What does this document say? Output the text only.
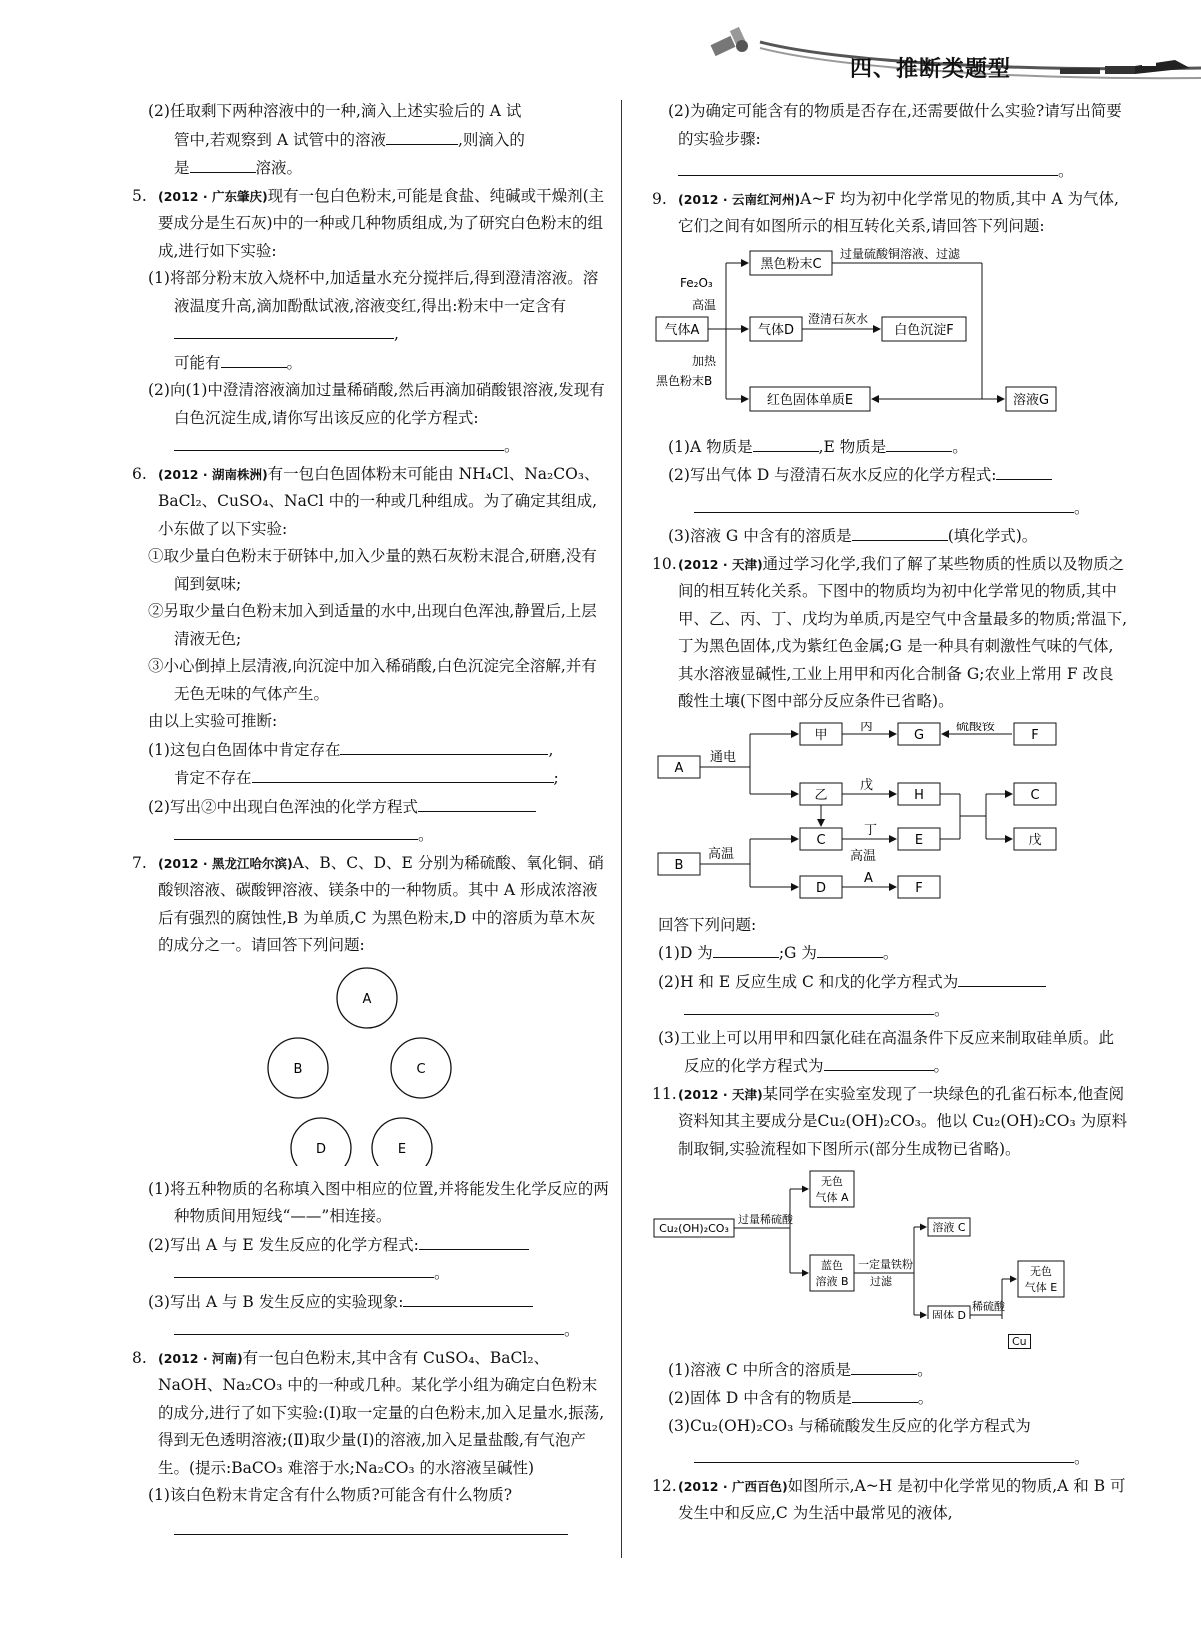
四、推断类题型

(2)任取剩下两种溶液中的一种,滴入上述实验后的 A 试

管中,若观察到 A 试管中的溶液	,则滴入的

是	溶液。

5. (2012 · 广东肇庆)现有一包白色粉末,可能是食盐、纯碱或干燥剂(主要成分是生石灰)中的一种或几种物质组成,为了研究白色粉末的组成,进行如下实验:

(1)将部分粉末放入烧杯中,加适量水充分搅拌后,得到澄清溶液。溶液温度升高,滴加酚酞试液,溶液变红,得出:粉末中一定含有,

可能有	。

(2)向(1)中澄清溶液滴加过量稀硝酸,然后再滴加硝酸银溶液,发现有白色沉淀生成,请你写出该反应的化学方程式:。

6. (2012 · 湖南株洲)有一包白色固体粉末可能由 NH₄Cl、Na₂CO₃、BaCl₂、CuSO₄、NaCl 中的一种或几种组成。为了确定其组成,小东做了以下实验:

①取少量白色粉末于研钵中,加入少量的熟石灰粉末混合,研磨,没有闻到氨味;

②另取少量白色粉末加入到适量的水中,出现白色浑浊,静置后,上层清液无色;

③小心倒掉上层清液,向沉淀中加入稀硝酸,白色沉淀完全溶解,并有无色无味的气体产生。

由以上实验可推断:

(1)这包白色固体中肯定存在	,

肯定不存在	;

(2)写出②中出现白色浑浊的化学方程式
。

7. (2012 · 黑龙江哈尔滨)A、B、C、D、E 分别为稀硫酸、氧化铜、硝酸钡溶液、碳酸钾溶液、镁条中的一种物质。其中 A 形成浓溶液后有强烈的腐蚀性,B 为单质,C 为黑色粉末,D 中的溶质为草木灰的成分之一。请回答下列问题:

A
B	C
D	E

(1)将五种物质的名称填入图中相应的位置,并将能发生化学反应的两种物质间用短线“——”相连接。

(2)写出 A 与 E 发生反应的化学方程式:
。

(3)写出 A 与 B 发生反应的实验现象:
。

8. (2012 · 河南)有一包白色粉末,其中含有 CuSO₄、BaCl₂、NaOH、Na₂CO₃ 中的一种或几种。某化学小组为确定白色粉末的成分,进行了如下实验:(Ⅰ)取一定量的白色粉末,加入足量水,振荡,得到无色透明溶液;(Ⅱ)取少量(Ⅰ)的溶液,加入足量盐酸,有气泡产生。(提示:BaCO₃ 难溶于水;Na₂CO₃ 的水溶液呈碱性)

(1)该白色粉末肯定含有什么物质?可能含有什么物质?

(2)为确定可能含有的物质是否存在,还需要做什么实验?请写出简要的实验步骤:

。

9. (2012 · 云南红河州)A~F 均为初中化学常见的物质,其中 A 为气体,它们之间有如图所示的相互转化关系,请回答下列问题:

气体A
Fe₂O₃
高温
加热
黑色粉末B
黑色粉末C
气体D
澄清石灰水
白色沉淀F
过量硫酸铜溶液、过滤
红色固体单质E	溶液G

(1)A 物质是	,E 物质是	。

(2)写出气体 D 与澄清石灰水反应的化学方程式:

。

(3)溶液 G 中含有的溶质是	(填化学式)。

10.(2012 · 天津)通过学习化学,我们了解了某些物质的性质以及物质之间的相互转化关系。下图中的物质均为初中化学常见的物质,其中甲、乙、丙、丁、戊均为单质,丙是空气中含量最多的物质;常温下,丁为黑色固体,戊为紫红色金属;G 是一种具有刺激性气味的气体,其水溶液显碱性,工业上用甲和丙化合制备 G;农业上常用 F 改良酸性土壤(下图中部分反应条件已省略)。

A
通电
甲
丙
G
硫酸铵
F
乙
戊
H
C
丁
高温
E
C
戊
B
高温
D
A
F

回答下列问题:

(1)D 为	;G 为	。

(2)H 和 E 反应生成 C 和戊的化学方程式为
。

(3)工业上可以用甲和四氯化硅在高温条件下反应来制取硅单质。此反应的化学方程式为	。

11.(2012 · 天津)某同学在实验室发现了一块绿色的孔雀石标本,他查阅资料知其主要成分是Cu₂(OH)₂CO₃。他以 Cu₂(OH)₂CO₃ 为原料制取铜,实验流程如下图所示(部分生成物已省略)。

Cu₂(OH)₂CO₃
过量稀硫酸
无色
气体 A
蓝色
溶液 B
一定量铁粉
过滤
溶液 C
固体 D
稀硫酸
无色
气体 E

Cu

(1)溶液 C 中所含的溶质是	。

(2)固体 D 中含有的物质是	。

(3)Cu₂(OH)₂CO₃ 与稀硫酸发生反应的化学方程式为

。

12.(2012 · 广西百色)如图所示,A~H 是初中化学常见的物质,A 和 B 可发生中和反应,C 为生活中最常见的液体,
